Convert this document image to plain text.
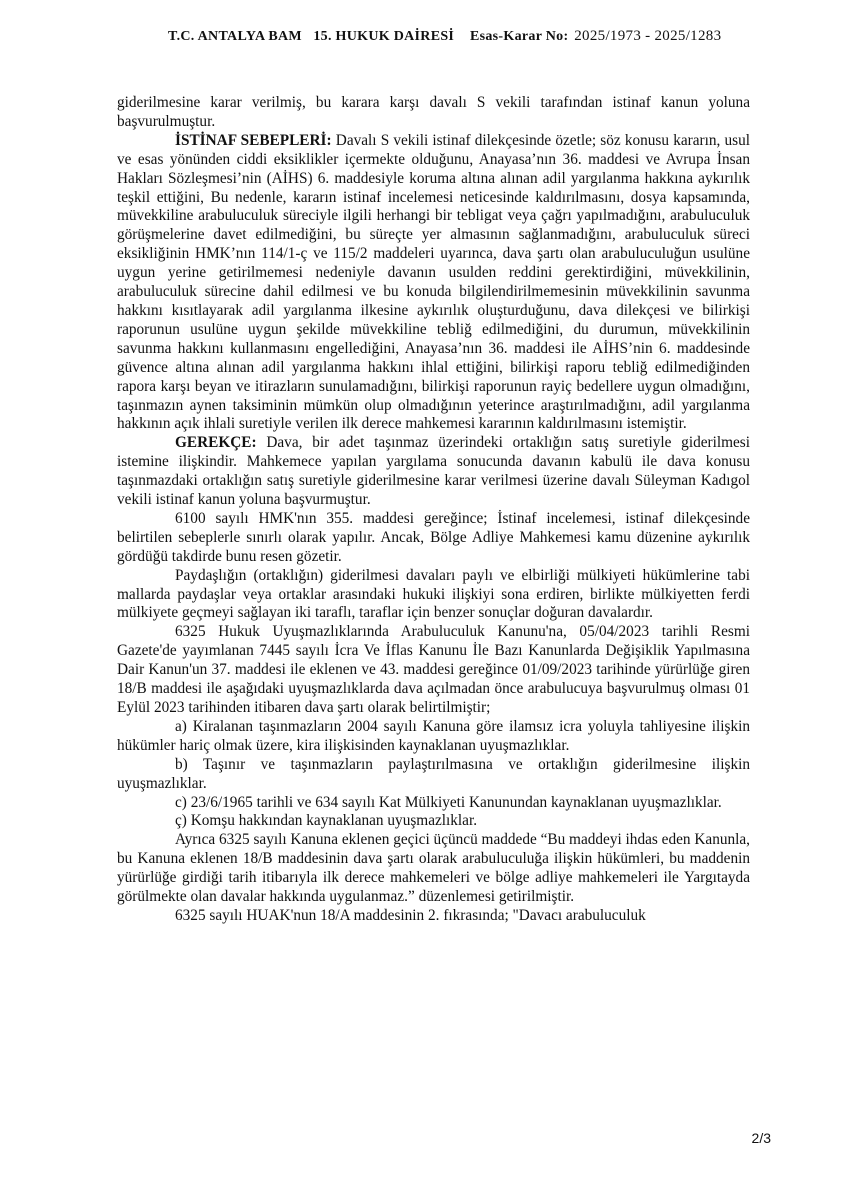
T.C. ANTALYA BAM   15. HUKUK DAİRESİ Esas-Karar No: 2025/1973 - 2025/1283

giderilmesine karar verilmiş, bu karara karşı davalı S vekili tarafından istinaf kanun yoluna başvurulmuştur.

İSTİNAF SEBEPLERİ: Davalı S vekili istinaf dilekçesinde özetle; söz konusu kararın, usul ve esas yönünden ciddi eksiklikler içermekte olduğunu, Anayasa’nın 36. maddesi ve Avrupa İnsan Hakları Sözleşmesi’nin (AİHS) 6. maddesiyle koruma altına alınan adil yargılanma hakkına aykırılık teşkil ettiğini, Bu nedenle, kararın istinaf incelemesi neticesinde kaldırılmasını, dosya kapsamında, müvekkiline arabuluculuk süreciyle ilgili herhangi bir tebligat veya çağrı yapılmadığını, arabuluculuk görüşmelerine davet edilmediğini, bu süreçte yer almasının sağlanmadığını, arabuluculuk süreci eksikliğinin HMK’nın 114/1-ç ve 115/2 maddeleri uyarınca, dava şartı olan arabuluculuğun usulüne uygun yerine getirilmemesi nedeniyle davanın usulden reddini gerektirdiğini, müvekkilinin, arabuluculuk sürecine dahil edilmesi ve bu konuda bilgilendirilmemesinin müvekkilinin savunma hakkını kısıtlayarak adil yargılanma ilkesine aykırılık oluşturduğunu, dava dilekçesi ve bilirkişi raporunun usulüne uygun şekilde müvekkiline tebliğ edilmediğini, du durumun, müvekkilinin savunma hakkını kullanmasını engellediğini, Anayasa’nın 36. maddesi ile AİHS’nin 6. maddesinde güvence altına alınan adil yargılanma hakkını ihlal ettiğini, bilirkişi raporu tebliğ edilmediğinden rapora karşı beyan ve itirazların sunulamadığını, bilirkişi raporunun rayiç bedellere uygun olmadığını, taşınmazın aynen taksiminin mümkün olup olmadığının yeterince araştırılmadığını, adil yargılanma hakkının açık ihlali suretiyle verilen ilk derece mahkemesi kararının kaldırılmasını istemiştir.

GEREKÇE: Dava, bir adet taşınmaz üzerindeki ortaklığın satış suretiyle giderilmesi istemine ilişkindir. Mahkemece yapılan yargılama sonucunda davanın kabulü ile dava konusu taşınmazdaki ortaklığın satış suretiyle giderilmesine karar verilmesi üzerine davalı Süleyman Kadıgol vekili istinaf kanun yoluna başvurmuştur.

6100 sayılı HMK'nın 355. maddesi gereğince; İstinaf incelemesi, istinaf dilekçesinde belirtilen sebeplerle sınırlı olarak yapılır. Ancak, Bölge Adliye Mahkemesi kamu düzenine aykırılık gördüğü takdirde bunu resen gözetir.

Paydaşlığın (ortaklığın) giderilmesi davaları paylı ve elbirliği mülkiyeti hükümlerine tabi mallarda paydaşlar veya ortaklar arasındaki hukuki ilişkiyi sona erdiren, birlikte mülkiyetten ferdi mülkiyete geçmeyi sağlayan iki taraflı, taraflar için benzer sonuçlar doğuran davalardır.

6325 Hukuk Uyuşmazlıklarında Arabuluculuk Kanunu'na, 05/04/2023 tarihli Resmi Gazete'de yayımlanan 7445 sayılı İcra Ve İflas Kanunu İle Bazı Kanunlarda Değişiklik Yapılmasına Dair Kanun'un 37. maddesi ile eklenen ve 43. maddesi gereğince 01/09/2023 tarihinde yürürlüğe giren 18/B maddesi ile aşağıdaki uyuşmazlıklarda dava açılmadan önce arabulucuya başvurulmuş olması 01 Eylül 2023 tarihinden itibaren dava şartı olarak belirtilmiştir;

a) Kiralanan taşınmazların 2004 sayılı Kanuna göre ilamsız icra yoluyla tahliyesine ilişkin hükümler hariç olmak üzere, kira ilişkisinden kaynaklanan uyuşmazlıklar.

b) Taşınır ve taşınmazların paylaştırılmasına ve ortaklığın giderilmesine ilişkin uyuşmazlıklar.

c) 23/6/1965 tarihli ve 634 sayılı Kat Mülkiyeti Kanunundan kaynaklanan uyuşmazlıklar.

ç) Komşu hakkından kaynaklanan uyuşmazlıklar.

Ayrıca 6325 sayılı Kanuna eklenen geçici üçüncü maddede “Bu maddeyi ihdas eden Kanunla, bu Kanuna eklenen 18/B maddesinin dava şartı olarak arabuluculuğa ilişkin hükümleri, bu maddenin yürürlüğe girdiği tarih itibarıyla ilk derece mahkemeleri ve bölge adliye mahkemeleri ile Yargıtayda görülmekte olan davalar hakkında uygulanmaz.” düzenlemesi getirilmiştir.

6325 sayılı HUAK'nun 18/A maddesinin 2. fıkrasında; "Davacı arabuluculuk

2/3
